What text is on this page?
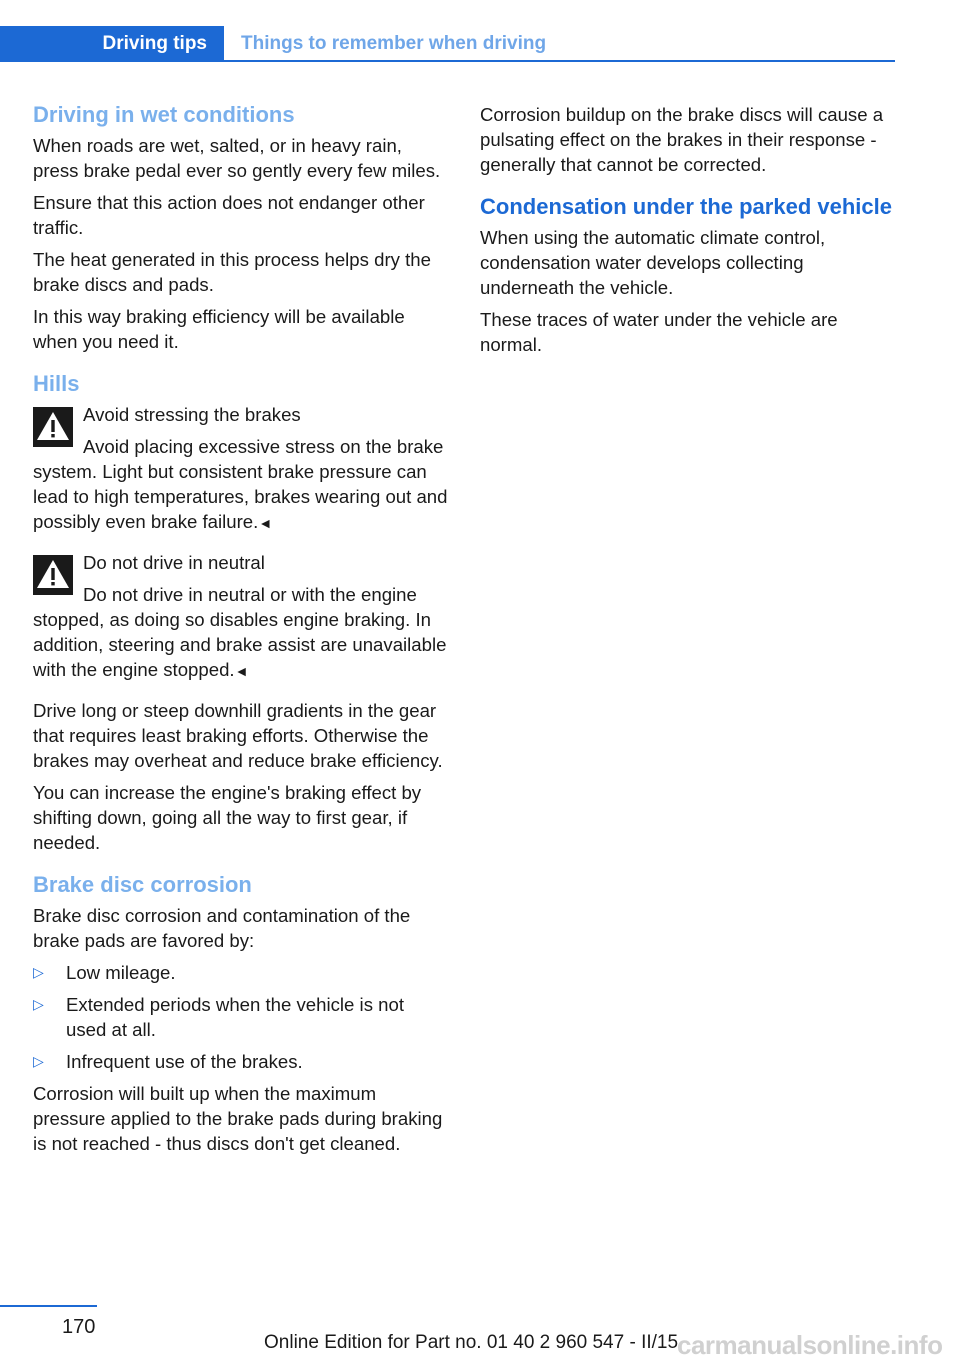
Driving tips	Things to remember when driving
Driving in wet conditions

When roads are wet, salted, or in heavy rain, press brake pedal ever so gently every few miles.

Ensure that this action does not endanger other traffic.

The heat generated in this process helps dry the brake discs and pads.

In this way braking efficiency will be available when you need it.

Hills
Avoid stressing the brakes
Avoid placing excessive stress on the brake system. Light but consistent brake pressure can lead to high temperatures, brakes wearing out and possibly even brake failure.◄
Do not drive in neutral
Do not drive in neutral or with the engine stopped, as doing so disables engine braking. In addition, steering and brake assist are unavailable with the engine stopped.◄

Drive long or steep downhill gradients in the gear that requires least braking efforts. Otherwise the brakes may overheat and reduce brake efficiency.

You can increase the engine's braking effect by shifting down, going all the way to first gear, if needed.

Brake disc corrosion

Brake disc corrosion and contamination of the brake pads are favored by:

▷ Low mileage.
▷ Extended periods when the vehicle is not used at all.
▷ Infrequent use of the brakes.

Corrosion will built up when the maximum pressure applied to the brake pads during braking is not reached - thus discs don't get cleaned.

Corrosion buildup on the brake discs will cause a pulsating effect on the brakes in their response - generally that cannot be corrected.

Condensation under the parked vehicle

When using the automatic climate control, condensation water develops collecting underneath the vehicle.

These traces of water under the vehicle are normal.

170
Online Edition for Part no. 01 40 2 960 547 - II/15
carmanualsonline.info
